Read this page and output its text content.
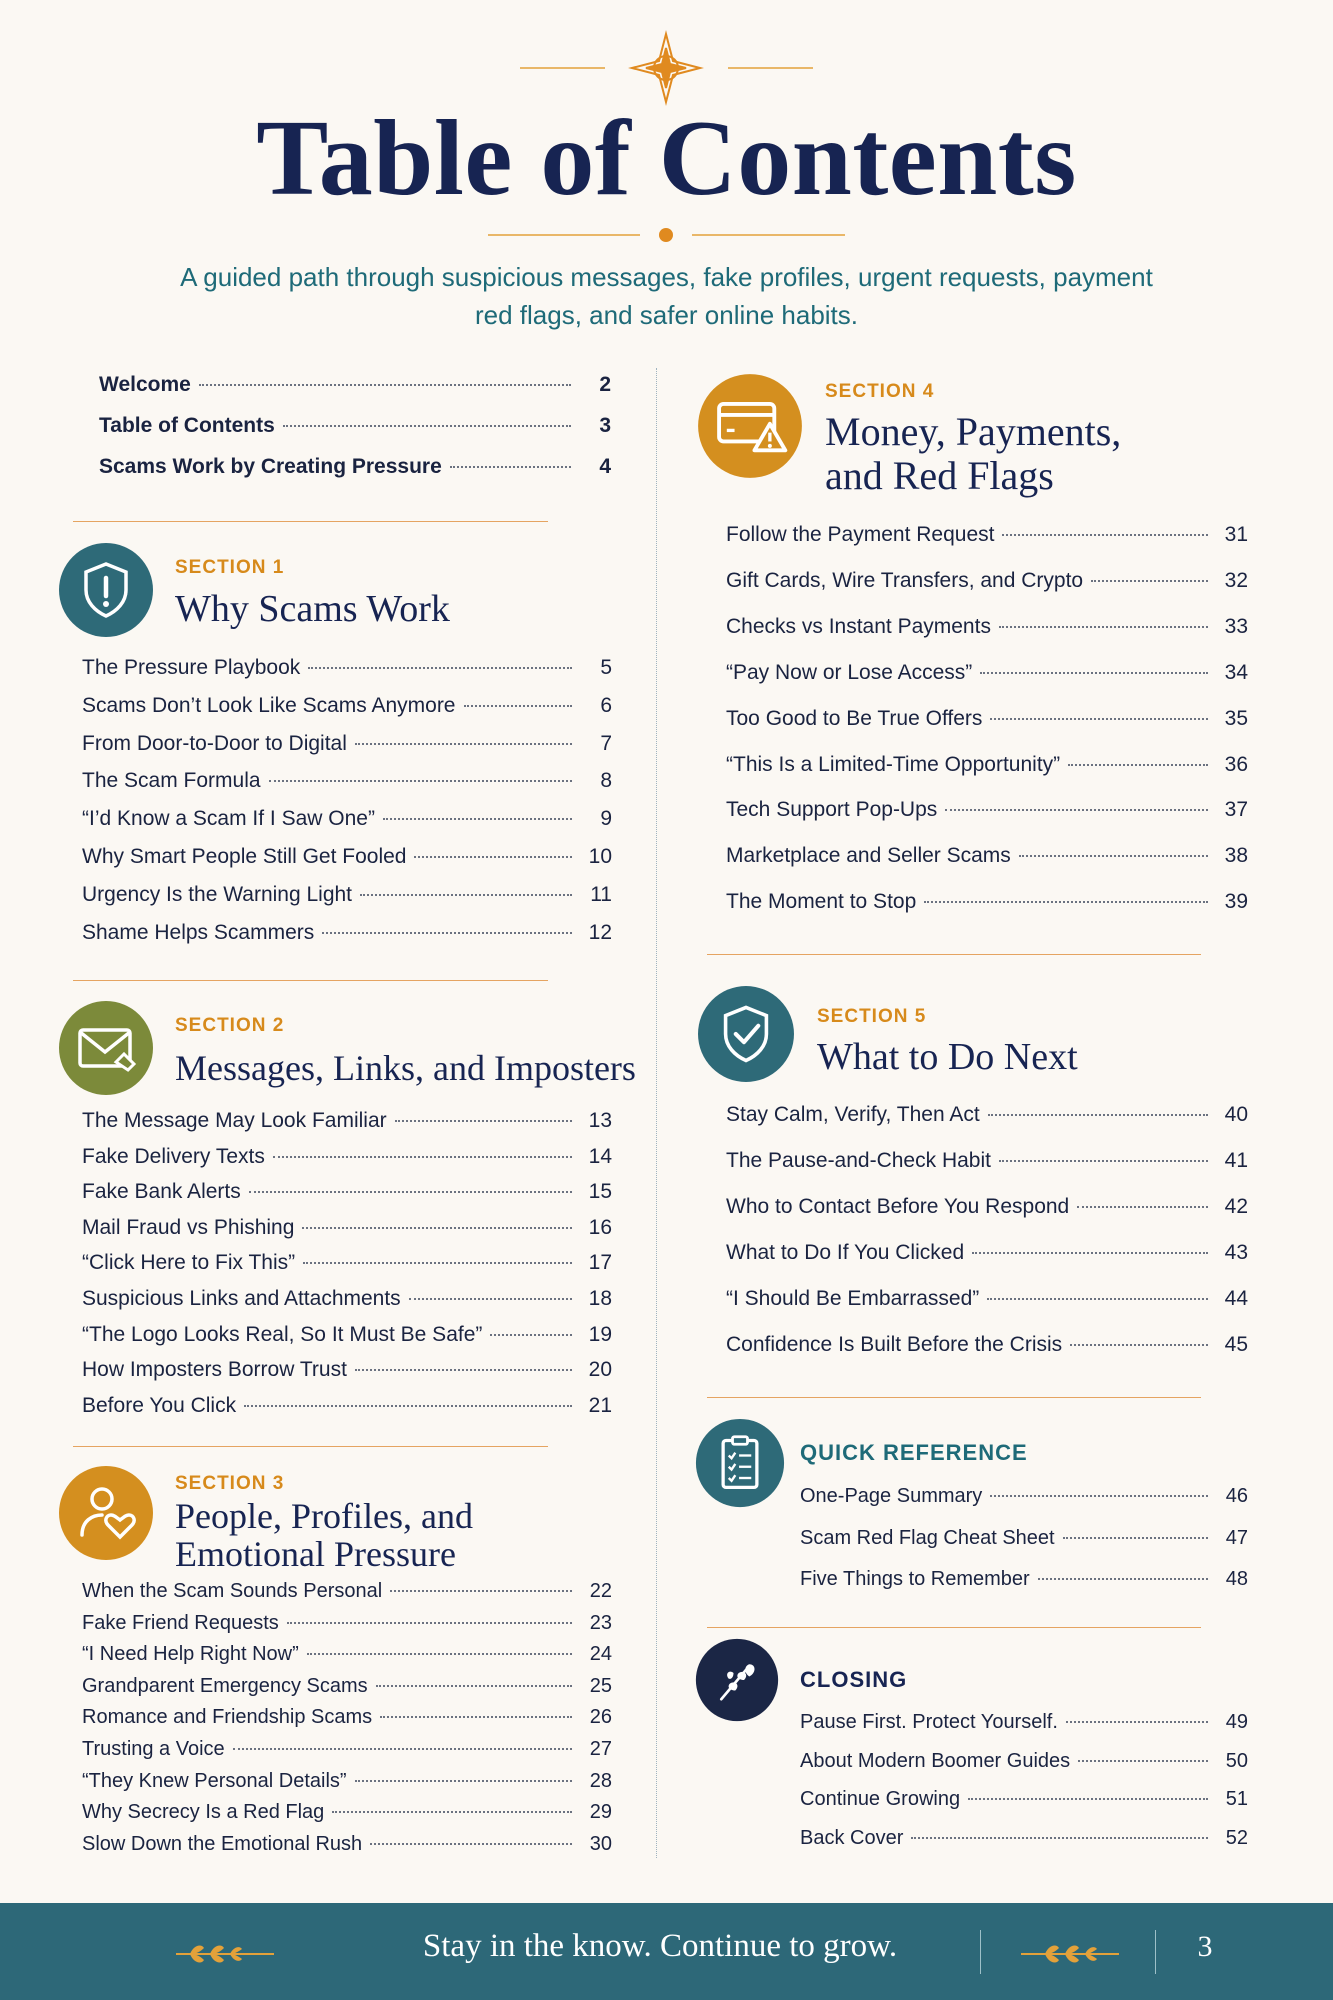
Table of Contents

A guided path through suspicious messages, fake profiles, urgent requests, payment red flags, and safer online habits.

Welcome	2
Table of Contents	3
Scams Work by Creating Pressure	4
SECTION 1
Why Scams Work
The Pressure Playbook	5
Scams Don’t Look Like Scams Anymore	6
From Door-to-Door to Digital	7
The Scam Formula	8
“I’d Know a Scam If I Saw One”	9
Why Smart People Still Get Fooled	10
Urgency Is the Warning Light	11
Shame Helps Scammers	12
SECTION 2
Messages, Links, and Imposters
The Message May Look Familiar	13
Fake Delivery Texts	14
Fake Bank Alerts	15
Mail Fraud vs Phishing	16
“Click Here to Fix This”	17
Suspicious Links and Attachments	18
“The Logo Looks Real, So It Must Be Safe”	19
How Imposters Borrow Trust	20
Before You Click	21
SECTION 3
People, Profiles, and
Emotional Pressure
When the Scam Sounds Personal	22
Fake Friend Requests	23
“I Need Help Right Now”	24
Grandparent Emergency Scams	25
Romance and Friendship Scams	26
Trusting a Voice	27
“They Knew Personal Details”	28
Why Secrecy Is a Red Flag	29
Slow Down the Emotional Rush	30
SECTION 4
Money, Payments,
and Red Flags
Follow the Payment Request	31
Gift Cards, Wire Transfers, and Crypto	32
Checks vs Instant Payments	33
“Pay Now or Lose Access”	34
Too Good to Be True Offers	35
“This Is a Limited-Time Opportunity”	36
Tech Support Pop-Ups	37
Marketplace and Seller Scams	38
The Moment to Stop	39
SECTION 5
What to Do Next
Stay Calm, Verify, Then Act	40
The Pause-and-Check Habit	41
Who to Contact Before You Respond	42
What to Do If You Clicked	43
“I Should Be Embarrassed”	44
Confidence Is Built Before the Crisis	45
QUICK REFERENCE
One-Page Summary	46
Scam Red Flag Cheat Sheet	47
Five Things to Remember	48
CLOSING
Pause First. Protect Yourself.	49
About Modern Boomer Guides	50
Continue Growing	51
Back Cover	52
Stay in the know. Continue to grow.	3
